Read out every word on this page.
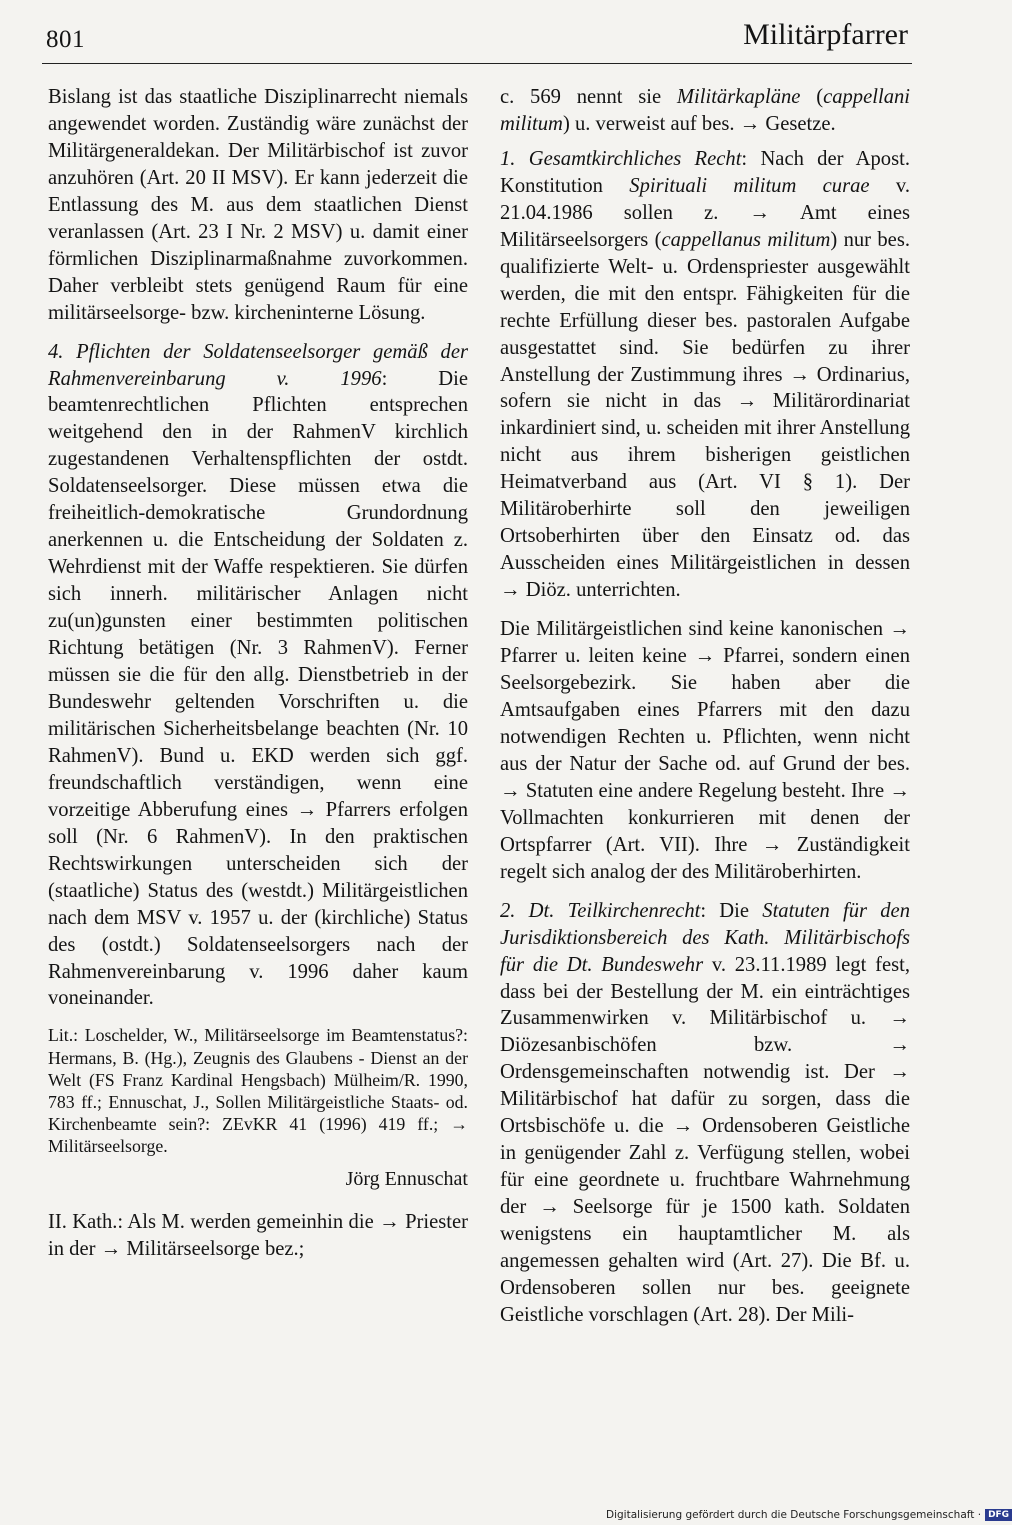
801	Militärpfarrer

Bislang ist das staatliche Disziplinarrecht niemals angewendet worden. Zuständig wäre zunächst der Militärgeneraldekan. Der Militärbischof ist zuvor anzuhören (Art. 20 II MSV). Er kann jederzeit die Entlassung des M. aus dem staatlichen Dienst veranlassen (Art. 23 I Nr. 2 MSV) u. damit einer förmlichen Disziplinarmaßnahme zuvorkommen. Daher verbleibt stets genügend Raum für eine militärseelsorge- bzw. kircheninterne Lösung.

4. Pflichten der Soldatenseelsorger gemäß der Rahmenvereinbarung v. 1996: Die beamtenrechtlichen Pflichten entsprechen weitgehend den in der RahmenV kirchlich zugestandenen Verhaltenspflichten der ostdt. Soldatenseelsorger. Diese müssen etwa die freiheitlich-demokratische Grundordnung anerkennen u. die Entscheidung der Soldaten z. Wehrdienst mit der Waffe respektieren. Sie dürfen sich innerh. militärischer Anlagen nicht zu(un)gunsten einer bestimmten politischen Richtung betätigen (Nr. 3 RahmenV). Ferner müssen sie die für den allg. Dienstbetrieb in der Bundeswehr geltenden Vorschriften u. die militärischen Sicherheitsbelange beachten (Nr. 10 RahmenV). Bund u. EKD werden sich ggf. freundschaftlich verständigen, wenn eine vorzeitige Abberufung eines → Pfarrers erfolgen soll (Nr. 6 RahmenV). In den praktischen Rechtswirkungen unterscheiden sich der (staatliche) Status des (westdt.) Militärgeistlichen nach dem MSV v. 1957 u. der (kirchliche) Status des (ostdt.) Soldatenseelsorgers nach der Rahmenvereinbarung v. 1996 daher kaum voneinander.

Lit.: Loschelder, W., Militärseelsorge im Beamtenstatus?: Hermans, B. (Hg.), Zeugnis des Glaubens - Dienst an der Welt (FS Franz Kardinal Hengsbach) Mülheim/R. 1990, 783 ff.; Ennuschat, J., Sollen Militärgeistliche Staats- od. Kirchenbeamte sein?: ZEvKR 41 (1996) 419 ff.; → Militärseelsorge.

Jörg Ennuschat

II. Kath.: Als M. werden gemeinhin die → Priester in der → Militärseelsorge bez.;

c. 569 nennt sie Militärkapläne (cappellani militum) u. verweist auf bes. → Gesetze.

1. Gesamtkirchliches Recht: Nach der Apost. Konstitution Spirituali militum curae v. 21.04.1986 sollen z. → Amt eines Militärseelsorgers (cappellanus militum) nur bes. qualifizierte Welt- u. Ordenspriester ausgewählt werden, die mit den entspr. Fähigkeiten für die rechte Erfüllung dieser bes. pastoralen Aufgabe ausgestattet sind. Sie bedürfen zu ihrer Anstellung der Zustimmung ihres → Ordinarius, sofern sie nicht in das → Militärordinariat inkardiniert sind, u. scheiden mit ihrer Anstellung nicht aus ihrem bisherigen geistlichen Heimatverband aus (Art. VI § 1). Der Militäroberhirte soll den jeweiligen Ortsoberhirten über den Einsatz od. das Ausscheiden eines Militärgeistlichen in dessen → Diöz. unterrichten.

Die Militärgeistlichen sind keine kanonischen → Pfarrer u. leiten keine → Pfarrei, sondern einen Seelsorgebezirk. Sie haben aber die Amtsaufgaben eines Pfarrers mit den dazu notwendigen Rechten u. Pflichten, wenn nicht aus der Natur der Sache od. auf Grund der bes. → Statuten eine andere Regelung besteht. Ihre → Vollmachten konkurrieren mit denen der Ortspfarrer (Art. VII). Ihre → Zuständigkeit regelt sich analog der des Militäroberhirten.

2. Dt. Teilkirchenrecht: Die Statuten für den Jurisdiktionsbereich des Kath. Militärbischofs für die Dt. Bundeswehr v. 23.11.1989 legt fest, dass bei der Bestellung der M. ein einträchtiges Zusammenwirken v. Militärbischof u. → Diözesanbischöfen bzw. → Ordensgemeinschaften notwendig ist. Der → Militärbischof hat dafür zu sorgen, dass die Ortsbischöfe u. die → Ordensoberen Geistliche in genügender Zahl z. Verfügung stellen, wobei für eine geordnete u. fruchtbare Wahrnehmung der → Seelsorge für je 1500 kath. Soldaten wenigstens ein hauptamtlicher M. als angemessen gehalten wird (Art. 27). Die Bf. u. Ordensoberen sollen nur bes. geeignete Geistliche vorschlagen (Art. 28). Der Mili-

Digitalisierung gefördert durch die Deutsche Forschungsgemeinschaft · DFG
